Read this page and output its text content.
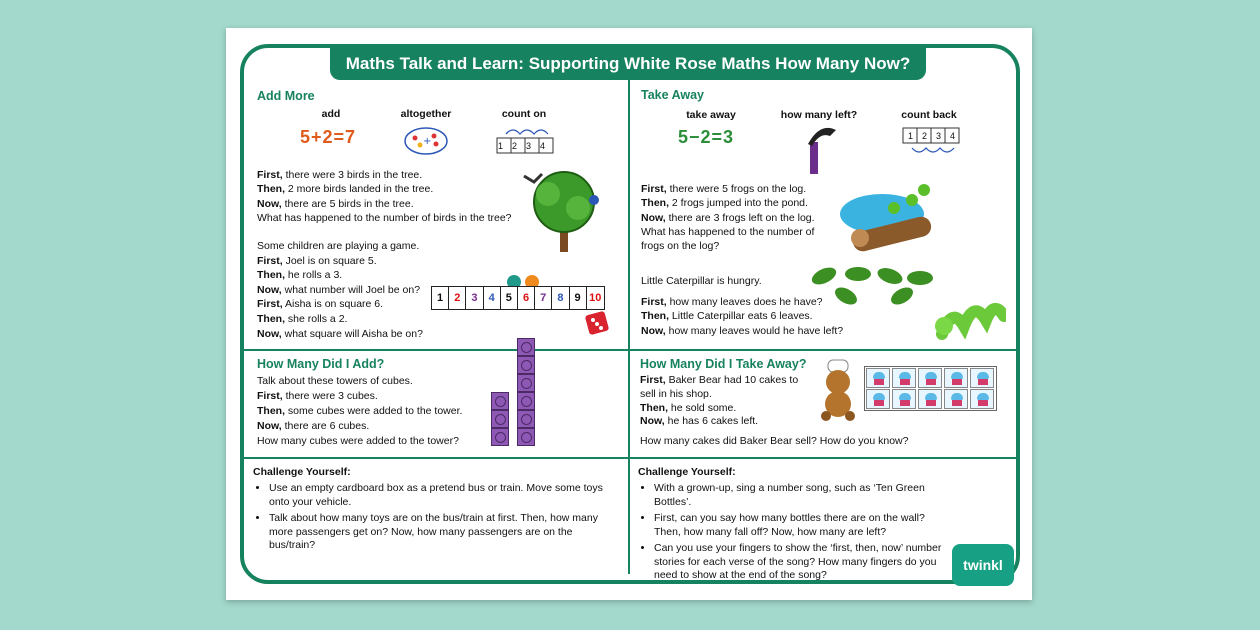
Maths Talk and Learn: Supporting White Rose Maths How Many Now?
Add More
add	altogether	count on
5+2=7	+	1 2 3 4
First, there were 3 birds in the tree.
Then, 2 more birds landed in the tree.
Now, there are 5 birds in the tree.
What has happened to the number of birds in the tree?
Some children are playing a game.
First, Joel is on square 5.
Then, he rolls a 3.
Now, what number will Joel be on?
First, Aisha is on square 6.
Then, she rolls a 2.
Now, what square will Aisha be on?
1	2	3	4	5	6	7	8	9 10
Take Away
take away	how many left?	count back
5−2=3	1 2 3 4
First, there were 5 frogs on the log.
Then, 2 frogs jumped into the pond.
Now, there are 3 frogs left on the log.
What has happened to the number of
frogs on the log?
Little Caterpillar is hungry.
First, how many leaves does he have?
Then, Little Caterpillar eats 6 leaves.
Now, how many leaves would he have left?
How Many Did I Add?
Talk about these towers of cubes.
First, there were 3 cubes.
Then, some cubes were added to the tower.
Now, there are 6 cubes.
How many cubes were added to the tower?
How Many Did I Take Away?
First, Baker Bear had 10 cakes to
sell in his shop.
Then, he sold some.
Now, he has 6 cakes left.
How many cakes did Baker Bear sell? How do you know?
Challenge Yourself:
• Use an empty cardboard box as a pretend bus or train. Move some toys onto your vehicle.
• Talk about how many toys are on the bus/train at first. Then, how many more passengers get on? Now, how many passengers are on the bus/train?
Challenge Yourself:
• With a grown-up, sing a number song, such as ‘Ten Green Bottles’.
• First, can you say how many bottles there are on the wall? Then, how many fall off? Now, how many are left?
• Can you use your fingers to show the ‘first, then, now’ number stories for each verse of the song? How many fingers do you need to show at the end of the song?
twinkl
